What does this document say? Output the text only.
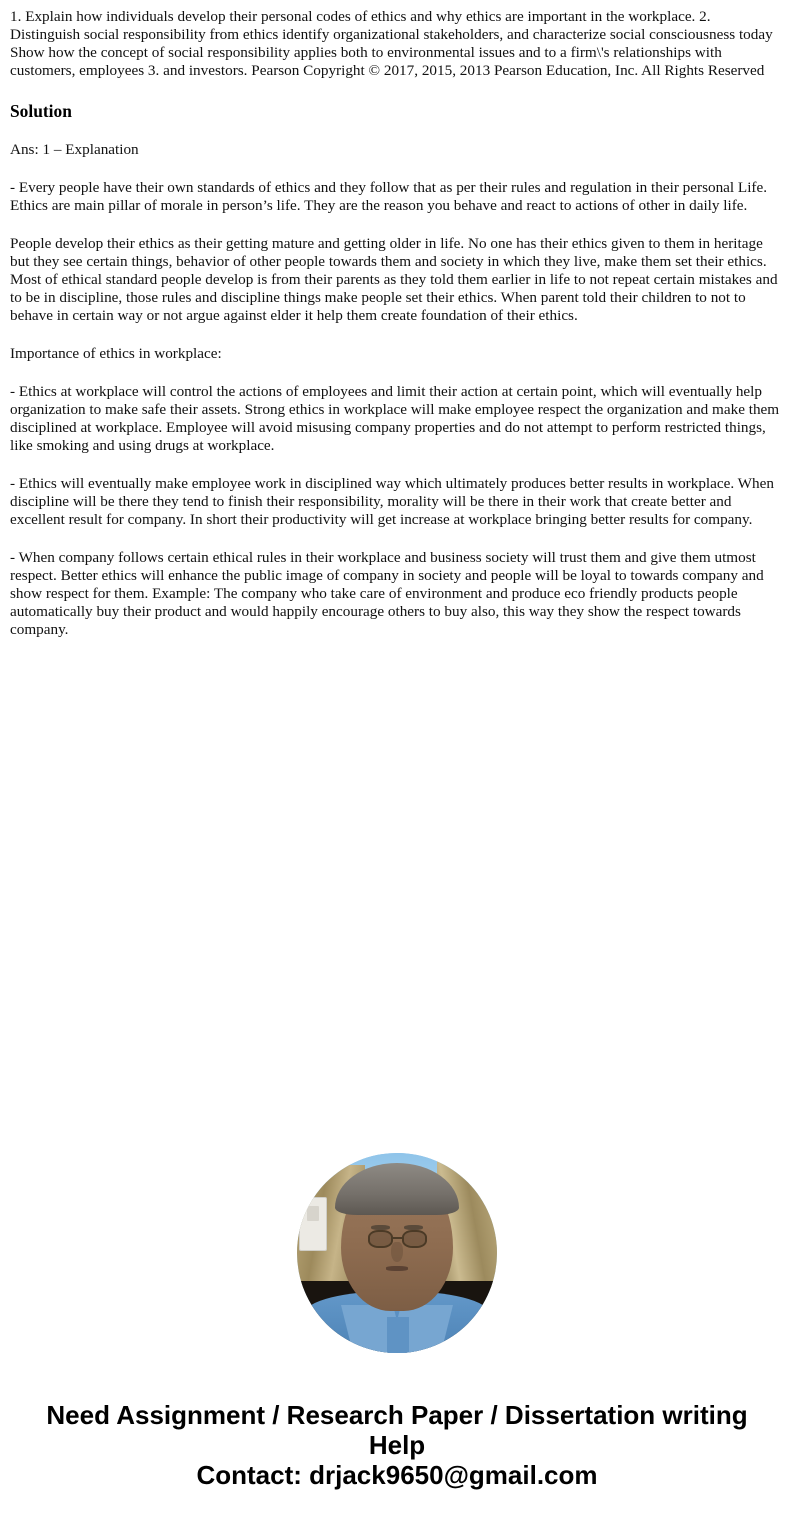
1. Explain how individuals develop their personal codes of ethics and why ethics are important in the workplace. 2. Distinguish social responsibility from ethics identify organizational stakeholders, and characterize social consciousness today Show how the concept of social responsibility applies both to environmental issues and to a firm\'s relationships with customers, employees 3. and investors. Pearson Copyright © 2017, 2015, 2013 Pearson Education, Inc. All Rights Reserved
Solution

Ans: 1 – Explanation

- Every people have their own standards of ethics and they follow that as per their rules and regulation in their personal Life. Ethics are main pillar of morale in person’s life. They are the reason you behave and react to actions of other in daily life.

People develop their ethics as their getting mature and getting older in life. No one has their ethics given to them in heritage but they see certain things, behavior of other people towards them and society in which they live, make them set their ethics. Most of ethical standard people develop is from their parents as they told them earlier in life to not repeat certain mistakes and to be in discipline, those rules and discipline things make people set their ethics. When parent told their children to not to behave in certain way or not argue against elder it help them create foundation of their ethics.

Importance of ethics in workplace:

- Ethics at workplace will control the actions of employees and limit their action at certain point, which will eventually help organization to make safe their assets. Strong ethics in workplace will make employee respect the organization and make them disciplined at workplace. Employee will avoid misusing company properties and do not attempt to perform restricted things, like smoking and using drugs at workplace.

- Ethics will eventually make employee work in disciplined way which ultimately produces better results in workplace. When discipline will be there they tend to finish their responsibility, morality will be there in their work that create better and excellent result for company. In short their productivity will get increase at workplace bringing better results for company.

- When company follows certain ethical rules in their workplace and business society will trust them and give them utmost respect. Better ethics will enhance the public image of company in society and people will be loyal to towards company and show respect for them. Example: The company who take care of environment and produce eco friendly products people automatically buy their product and would happily encourage others to buy also, this way they show the respect towards company.

Need Assignment / Research Paper / Dissertation writing Help
Contact: drjack9650@gmail.com
